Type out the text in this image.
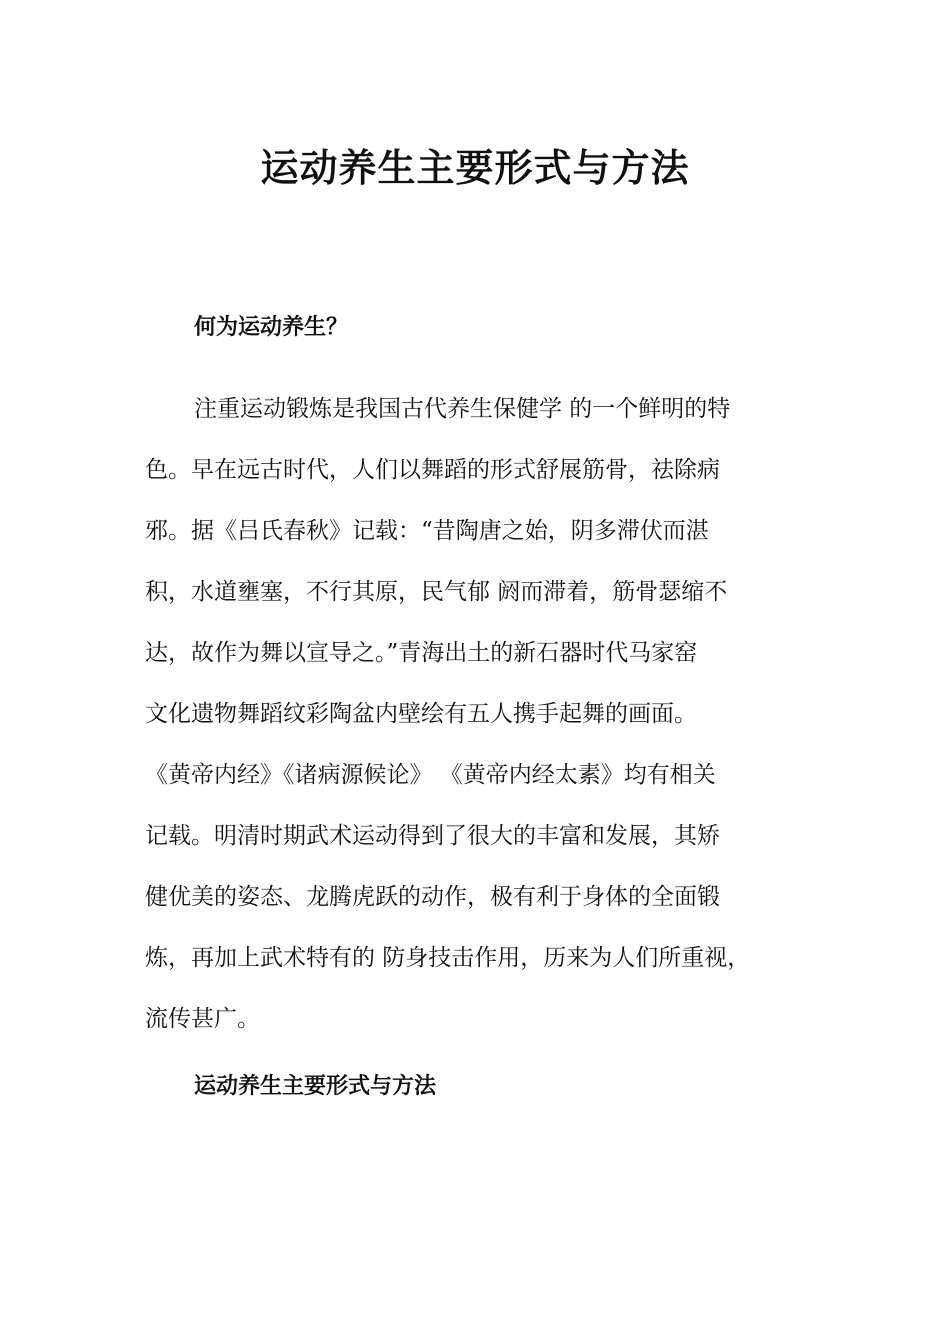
运动养生主要形式与方法
何为运动养生？
注重运动锻炼是我国古代养生保健学 的一个鲜明的特
色。早在远古时代，人们以舞蹈的形式舒展筋骨，祛除病
邪。据《吕氏春秋》记载：“昔陶唐之始，阴多滞伏而湛
积，水道壅塞，不行其原，民气郁 阏而滞着，筋骨瑟缩不
达，故作为舞以宣导之。”青海出土的新石器时代马家窑
文化遗物舞蹈纹彩陶盆内壁绘有五人携手起舞的画面。
《黄帝内经》《诸病源候论》 《黄帝内经太素》均有相关
记载。明清时期武术运动得到了很大的丰富和发展，其矫
健优美的姿态、龙腾虎跃的动作，极有利于身体的全面锻
炼，再加上武术特有的 防身技击作用，历来为人们所重视，
流传甚广。
运动养生主要形式与方法
